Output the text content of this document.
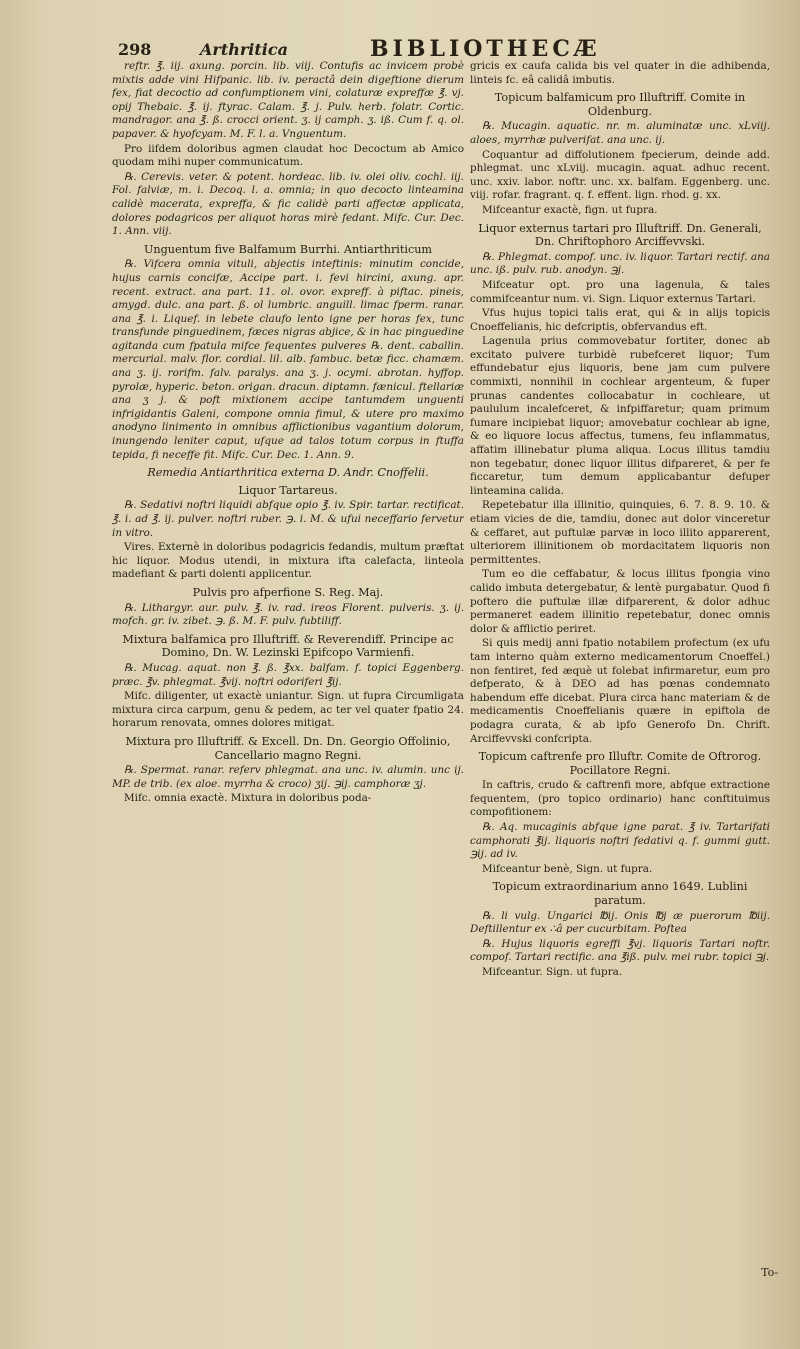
298	Arthritica	BIBLIOTHECÆ
reftr. ℥. iij. axung. porcin. lib. viij. Contufis ac invicem probè mixtis adde vini Hifpanic. lib. iv. peractâ dein digeftione dierum fex, fiat decoctio ad confumptionem vini, colaturæ expreffæ ℥. vj. opij Thebaic. ℥. ij. ftyrac. Calam. ℥. j. Pulv. herb. folatr. Cortic. mandragor. ana ℥. ß. crocci orient. ʒ. ij camph. ʒ. iß. Cum f. q. ol. papaver. & hyofcyam. M. F. l. a. Vnguentum.
Pro iifdem doloribus agmen claudat hoc Decoctum ab Amico quodam mihi nuper communicatum.
℞. Cerevis. veter. & potent. hordeac. lib. iv. olei oliv. cochl. iij. Fol. falviæ, m. i. Decoq. l. a. omnia; in quo decocto linteamina calidè macerata, expreffa, & fic calidè parti affectæ applicata, dolores podagricos per aliquot horas mirè fedant. Mifc. Cur. Dec. 1. Ann. viij.
Unguentum five Balfamum Burrhi. Antiarthriticum
℞. Vifcera omnia vituli, abjectis inteftinis: minutim concide, hujus carnis concifæ, Accipe part. i. fevi hircini, axung. apr. recent. extract. ana part. 11. ol. ovor. expreff. à piftac. pineis, amygd. dulc. ana part. ß. ol lumbric. anguill. limac fperm. ranar. ana ℥. i. Liquef. in lebete claufo lento igne per horas fex, tunc transfunde pinguedinem, fæces nigras abjice, & in hac pinguedine agitanda cum fpatula mifce fequentes pulveres ℞. dent. caballin. mercurial. malv. flor. cordial. lil. alb. fambuc. betæ ficc. chamæm. ana ʒ. ij. rorifm. falv. paralys. ana ʒ. j. ocymi. abrotan. hyffop. pyrolæ, hyperic. beton. origan. dracun. diptamn. fænicul. ftellariæ ana ʒ j. & poft mixtionem accipe tantumdem unguenti infrigidantis Galeni, compone omnia fimul, & utere pro maximo anodyno linimento in omnibus afflictionibus vagantium dolorum, inungendo leniter caput, ufque ad talos totum corpus in ftuffa tepida, fi neceffe fit. Mifc. Cur. Dec. 1. Ann. 9.
Remedia Antiarthritica externa D. Andr. Cnoffelii.
Liquor Tartareus.
℞. Sedativi noftri liquidi abfque opio ℥. iv. Spir. tartar. rectificat. ℥. i. ad ℥. ij. pulver. noftri ruber. ℈. i. M. & ufui neceffario fervetur in vitro.
Vires. Externè in doloribus podagricis fedandis, multum præftat hic liquor. Modus utendi, in mixtura ifta calefacta, linteola madefiant & parti dolenti applicentur.
Pulvis pro afperfione S. Reg. Maj.
℞. Lithargyr. aur. pulv. ℥. iv. rad. ireos Florent. pulveris. ʒ. ij. mofch. gr. iv. zibet. ℈. ß. M. F. pulv. fubtiliff.
Mixtura balfamica pro Illuftriff. & Reverendiff. Principe ac Domino, Dn. W. Lezinski Epifcopo Varmienfi.
℞. Mucag. aquat. non ℥. ß. ℥xx. balfam. f. topici Eggenberg. præc. ℥v. phlegmat. ℥vij. noftri odoriferi ℥ij.
Mifc. diligenter, ut exactè uniantur. Sign. ut fupra Circumligata mixtura circa carpum, genu & pedem, ac ter vel quater fpatio 24. horarum renovata, omnes dolores mitigat.
Mixtura pro Illuftriff. & Excell. Dn. Dn. Georgio Offolinio, Cancellario magno Regni.
℞. Spermat. ranar. referv phlegmat. ana unc. iv. alumin. unc ij. MP. de trib. (ex aloe. myrrha & croco) ʒij. ℈ij. camphoræ ʒj.
Mifc. omnia exactè. Mixtura in doloribus poda-
gricis ex caufa calida bis vel quater in die adhibenda, linteis fc. eâ calidâ imbutis.
Topicum balfamicum pro Illuftriff. Comite in Oldenburg.
℞. Mucagin. aquatic. nr. m. aluminatæ unc. xLviij. aloes, myrrhæ pulverifat. ana unc. ij.
Coquantur ad diffolutionem fpecierum, deinde add. phlegmat. unc xLviij. mucagin. aquat. adhuc recent. unc. xxiv. labor. noftr. unc. xx. balfam. Eggenberg. unc. viij. rofar. fragrant. q. f. effent. lign. rhod. g. xx.
Mifceantur exactè, fign. ut fupra.
Liquor externus tartari pro Illuftriff. Dn. Generali, Dn. Chriftophoro Arciffevvski.
℞. Phlegmat. compof. unc. iv. liquor. Tartari rectif. ana unc. iß. pulv. rub. anodyn. ℈j.
Mifceatur opt. pro una lagenula, & tales commifceantur num. vi. Sign. Liquor externus Tartari.
Vfus hujus topici talis erat, qui & in alijs topicis Cnoeffelianis, hic defcriptis, obfervandus eft.
Lagenula prius commovebatur fortiter, donec ab excitato pulvere turbidè rubefceret liquor; Tum effundebatur ejus liquoris, bene jam cum pulvere commixti, nonnihil in cochlear argenteum, & fuper prunas candentes collocabatur in cochleare, ut paululum incalefceret, & infpiffaretur; quam primum fumare incipiebat liquor; amovebatur cochlear ab igne, & eo liquore locus affectus, tumens, feu inflammatus, affatim illinebatur pluma aliqua. Locus illitus tamdiu non tegebatur, donec liquor illitus difpareret, & per fe ficcaretur, tum demum applicabantur defuper linteamina calida.
Repetebatur illa illinitio, quinquies, 6. 7. 8. 9. 10. & etiam vicies de die, tamdiu, donec aut dolor vinceretur & ceffaret, aut puftulæ parvæ in loco illito apparerent, ulteriorem illinitionem ob mordacitatem liquoris non permittentes.
Tum eo die ceffabatur, & locus illitus fpongia vino calido imbuta detergebatur, & lentè purgabatur. Quod fi poftero die puftulæ illæ difparerent, & dolor adhuc permaneret eadem illinitio repetebatur, donec omnis dolor & afflictio periret.
Si quis medij anni fpatio notabilem profectum (ex ufu tam interno quàm externo medicamentorum Cnoeffel.) non fentiret, fed æquè ut folebat infirmaretur, eum pro defperato, & à DEO ad has pœnas condemnato habendum effe dicebat. Plura circa hanc materiam & de medicamentis Cnoeffelianis quære in epiftola de podagra curata, & ab ipfo Generofo Dn. Chrift. Arciffevvski confcripta.
Topicum caftrenfe pro Illuftr. Comite de Oftrorog. Pocillatore Regni.
In caftris, crudo & caftrenfi more, abfque extractione fequentem, (pro topico ordinario) hanc conftituimus compofitionem:
℞. Aq. mucaginis abfque igne parat. ℥ iv. Tartarifati camphorati ℥ij. liquoris noftri fedativi q. f. gummi gutt. ℈ij. ad iv.
Mifceantur benè, Sign. ut fupra.
Topicum extraordinarium anno 1649. Lublini paratum.
℞. li vulg. Ungarici ℔ij. Onis ℔j æ puerorum ℔iij. Deftillentur ex ∴â per cucurbitam. Poftea
℞. Hujus liquoris egreffi ℥vj. liquoris Tartari noftr. compof. Tartari rectific. ana ℥iß. pulv. mei rubr. topici ℈j.
Mifceantur. Sign. ut fupra.
To-
